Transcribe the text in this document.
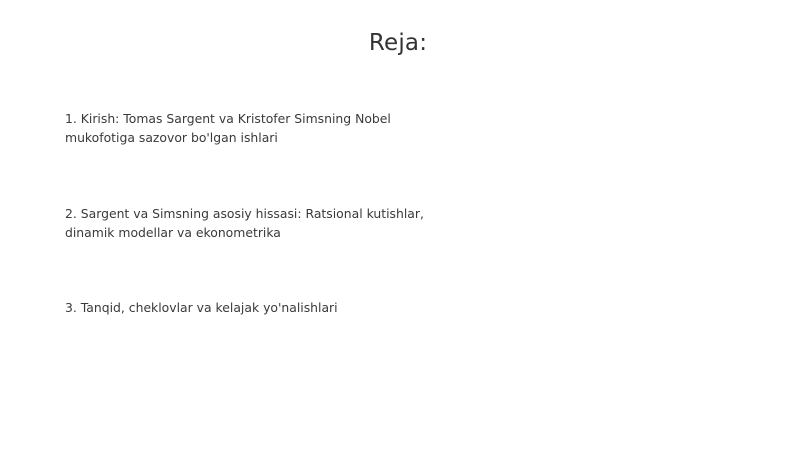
Reja:
1. Kirish: Tomas Sargent va Kristofer Simsning Nobel mukofotiga sazovor bo'lgan ishlari
2. Sargent va Simsning asosiy hissasi: Ratsional kutishlar, dinamik modellar va ekonometrika
3. Tanqid, cheklovlar va kelajak yo'nalishlari
